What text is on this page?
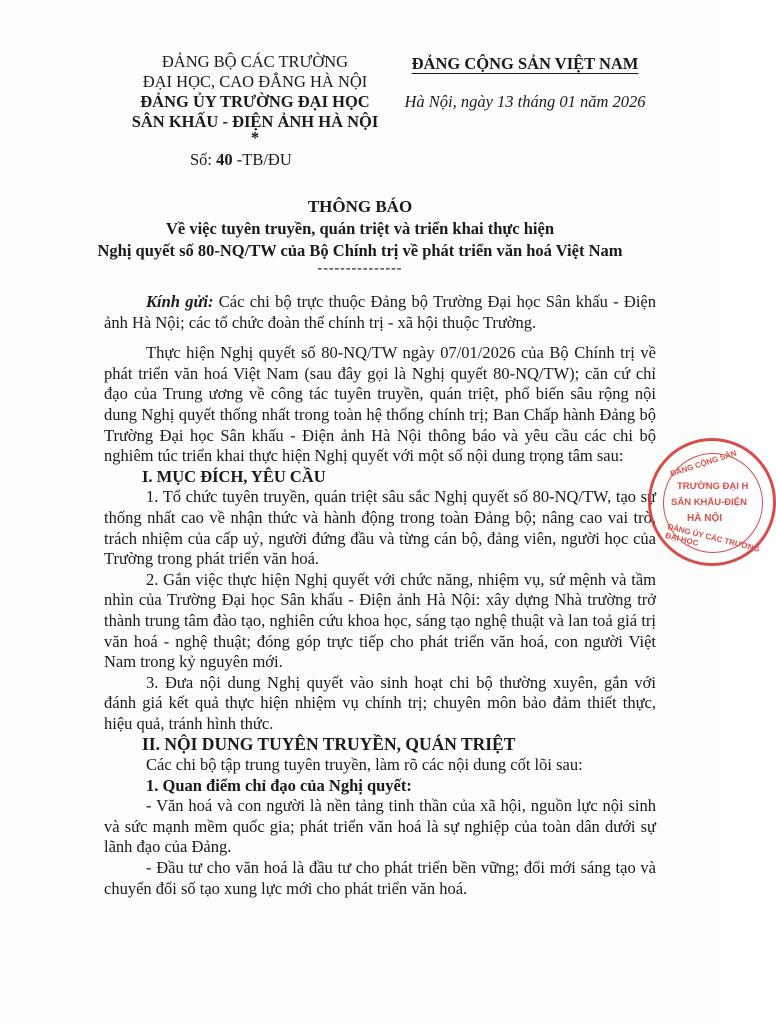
ĐẢNG BỘ CÁC TRƯỜNG
ĐẠI HỌC, CAO ĐẲNG HÀ NỘI
ĐẢNG ỦY TRƯỜNG ĐẠI HỌC
SÂN KHẤU - ĐIỆN ẢNH HÀ NỘI
*
Số: 40 -TB/ĐU
ĐẢNG CỘNG SẢN VIỆT NAM
Hà Nội, ngày 13 tháng 01 năm 2026
THÔNG BÁO
Về việc tuyên truyền, quán triệt và triển khai thực hiện
Nghị quyết số 80-NQ/TW của Bộ Chính trị về phát triển văn hoá Việt Nam
---------------

Kính gửi: Các chi bộ trực thuộc Đảng bộ Trường Đại học Sân khấu - Điện ảnh Hà Nội; các tổ chức đoàn thể chính trị - xã hội thuộc Trường.

Thực hiện Nghị quyết số 80-NQ/TW ngày 07/01/2026 của Bộ Chính trị về phát triển văn hoá Việt Nam (sau đây gọi là Nghị quyết 80-NQ/TW); căn cứ chỉ đạo của Trung ương về công tác tuyên truyền, quán triệt, phổ biến sâu rộng nội dung Nghị quyết thống nhất trong toàn hệ thống chính trị; Ban Chấp hành Đảng bộ Trường Đại học Sân khấu - Điện ảnh Hà Nội thông báo và yêu cầu các chi bộ nghiêm túc triển khai thực hiện Nghị quyết với một số nội dung trọng tâm sau:

I. MỤC ĐÍCH, YÊU CẦU

1. Tổ chức tuyên truyền, quán triệt sâu sắc Nghị quyết số 80-NQ/TW, tạo sự thống nhất cao về nhận thức và hành động trong toàn Đảng bộ; nâng cao vai trò, trách nhiệm của cấp uỷ, người đứng đầu và từng cán bộ, đảng viên, người học của Trường trong phát triển văn hoá.

2. Gắn việc thực hiện Nghị quyết với chức năng, nhiệm vụ, sứ mệnh và tầm nhìn của Trường Đại học Sân khấu - Điện ảnh Hà Nội: xây dựng Nhà trường trở thành trung tâm đào tạo, nghiên cứu khoa học, sáng tạo nghệ thuật và lan toả giá trị văn hoá - nghệ thuật; đóng góp trực tiếp cho phát triển văn hoá, con người Việt Nam trong kỷ nguyên mới.

3. Đưa nội dung Nghị quyết vào sinh hoạt chi bộ thường xuyên, gắn với đánh giá kết quả thực hiện nhiệm vụ chính trị; chuyên môn bảo đảm thiết thực, hiệu quả, tránh hình thức.

II. NỘI DUNG TUYÊN TRUYỀN, QUÁN TRIỆT

Các chi bộ tập trung tuyên truyền, làm rõ các nội dung cốt lõi sau:

1. Quan điểm chỉ đạo của Nghị quyết:

- Văn hoá và con người là nền tảng tinh thần của xã hội, nguồn lực nội sinh và sức mạnh mềm quốc gia; phát triển văn hoá là sự nghiệp của toàn dân dưới sự lãnh đạo của Đảng.

- Đầu tư cho văn hoá là đầu tư cho phát triển bền vững; đổi mới sáng tạo và chuyển đổi số tạo xung lực mới cho phát triển văn hoá.

ĐẢNG CỘNG SẢN
TRƯỜNG ĐẠI H
SÂN KHẤU-ĐIỆN
HÀ NỘI
ĐẢNG ỦY CÁC TRƯỜNG ĐẠI HỌC
